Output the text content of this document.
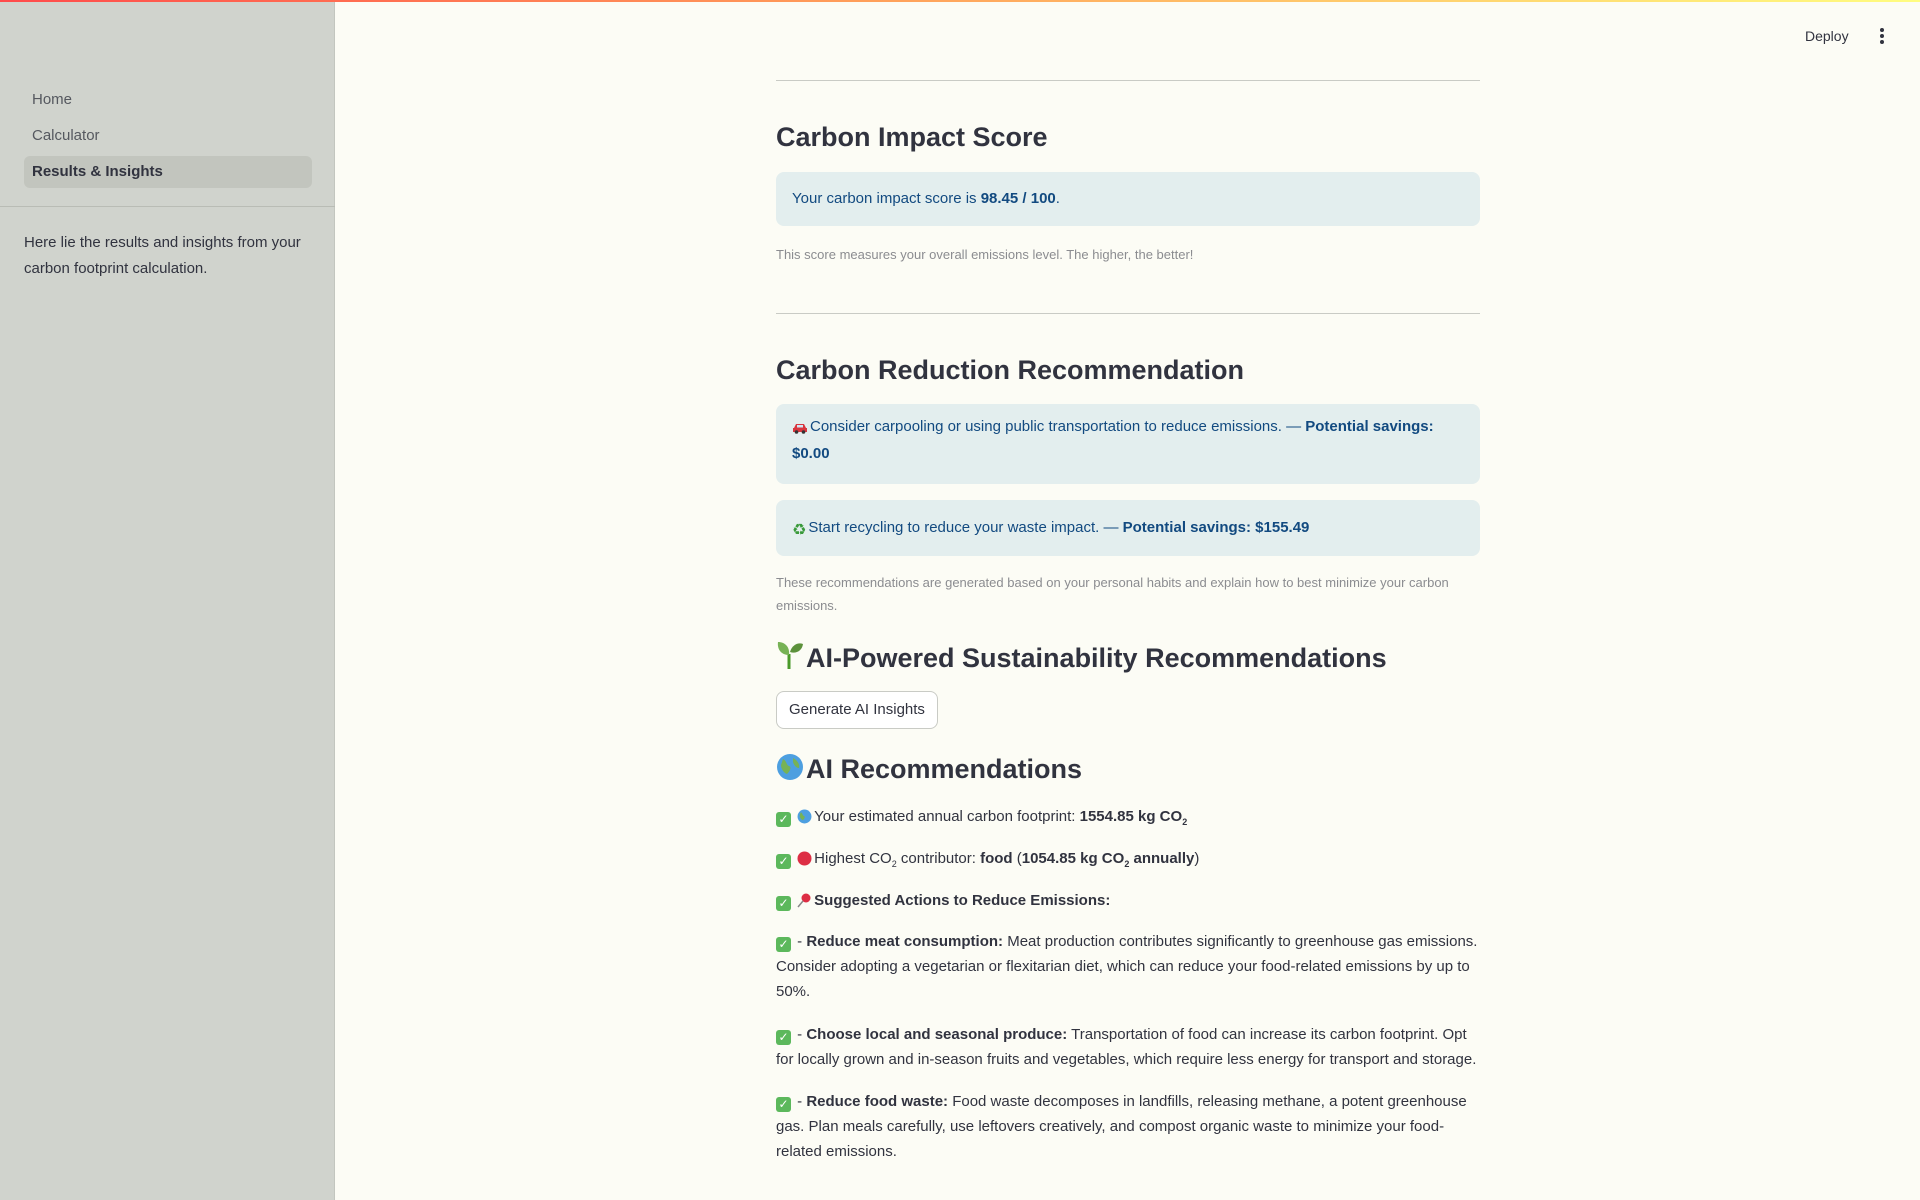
Home
Calculator
Results & Insights
Here lie the results and insights from your carbon footprint calculation.
Deploy
Carbon Impact Score
Your carbon impact score is 98.45 / 100.
This score measures your overall emissions level. The higher, the better!
Carbon Reduction Recommendation
Consider carpooling or using public transportation to reduce emissions. — Potential savings: $0.00
♻ Start recycling to reduce your waste impact. — Potential savings: $155.49
These recommendations are generated based on your personal habits and explain how to best minimize your carbon emissions.
AI-Powered Sustainability Recommendations
Generate AI Insights
AI Recommendations
✓ Your estimated annual carbon footprint: 1554.85 kg $CO_2$
✓ Highest $CO_2$ contributor: food (1054.85 kg $CO_2$ annually)
✓ Suggested Actions to Reduce Emissions:
✓ - Reduce meat consumption: Meat production contributes significantly to greenhouse gas emissions. Consider adopting a vegetarian or flexitarian diet, which can reduce your food-related emissions by up to 50%.
✓ - Choose local and seasonal produce: Transportation of food can increase its carbon footprint. Opt for locally grown and in-season fruits and vegetables, which require less energy for transport and storage.
✓ - Reduce food waste: Food waste decomposes in landfills, releasing methane, a potent greenhouse gas. Plan meals carefully, use leftovers creatively, and compost organic waste to minimize your food-related emissions.
